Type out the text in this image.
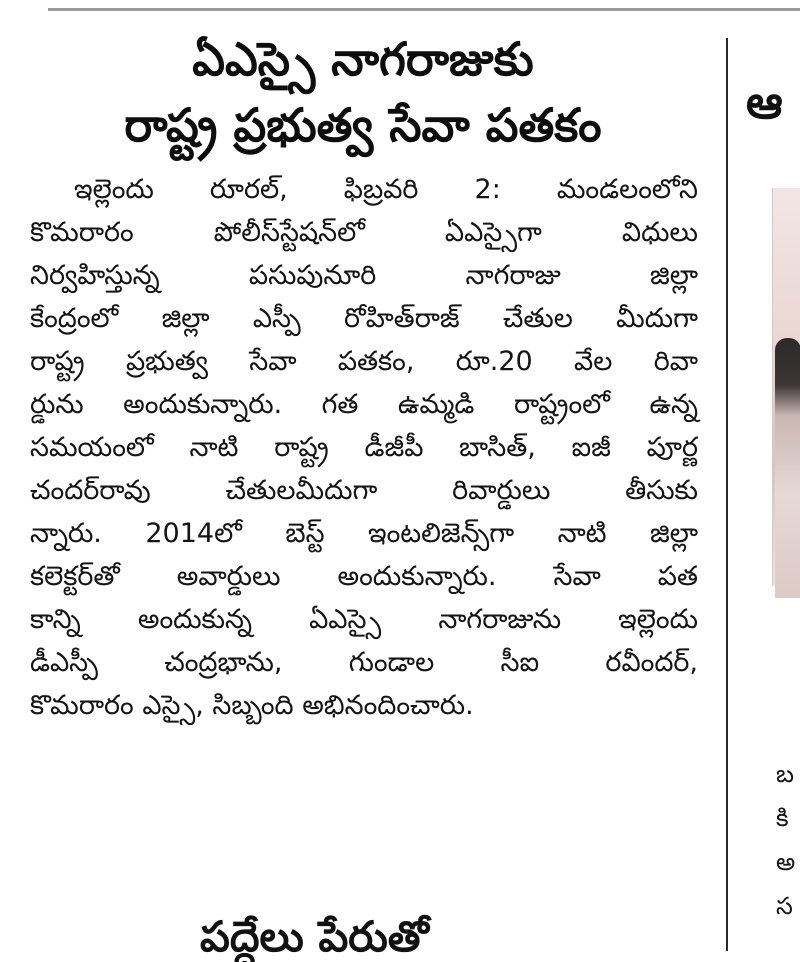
ఏఎస్సై నాగరాజుకు
రాష్ట్ర ప్రభుత్వ సేవా పతకం
ఇల్లెందు రూరల్, ఫిబ్రవరి 2: మండలంలోని
కొమరారం పోలీస్‌స్టేషన్‌లో ఏఎస్సైగా విధులు
నిర్వహిస్తున్న పసుపునూరి నాగరాజు జిల్లా
కేంద్రంలో జిల్లా ఎస్పీ రోహిత్‌రాజ్ చేతుల మీదుగా
రాష్ట్ర ప్రభుత్వ సేవా పతకం, రూ.20 వేల రివా
ర్డును అందుకున్నారు. గత ఉమ్మడి రాష్ట్రంలో ఉన్న
సమయంలో నాటి రాష్ట్ర డీజీపీ బాసిత్, ఐజీ పూర్ణ
చందర్‌రావు చేతులమీదుగా రివార్డులు తీసుకు
న్నారు. 2014లో బెస్ట్ ఇంటలిజెన్స్‌గా నాటి జిల్లా
కలెక్టర్‌తో అవార్డులు అందుకున్నారు. సేవా పత
కాన్ని అందుకున్న ఏఎస్సై నాగరాజును ఇల్లెందు
డీఎస్పీ చంద్రభాను, గుండాల సీఐ రవీందర్,
కొమరారం ఎస్సై, సిబ్బంది అభినందించారు.
పద్దేలు పేరుతో
ఆ
బ
కి
అ
స
